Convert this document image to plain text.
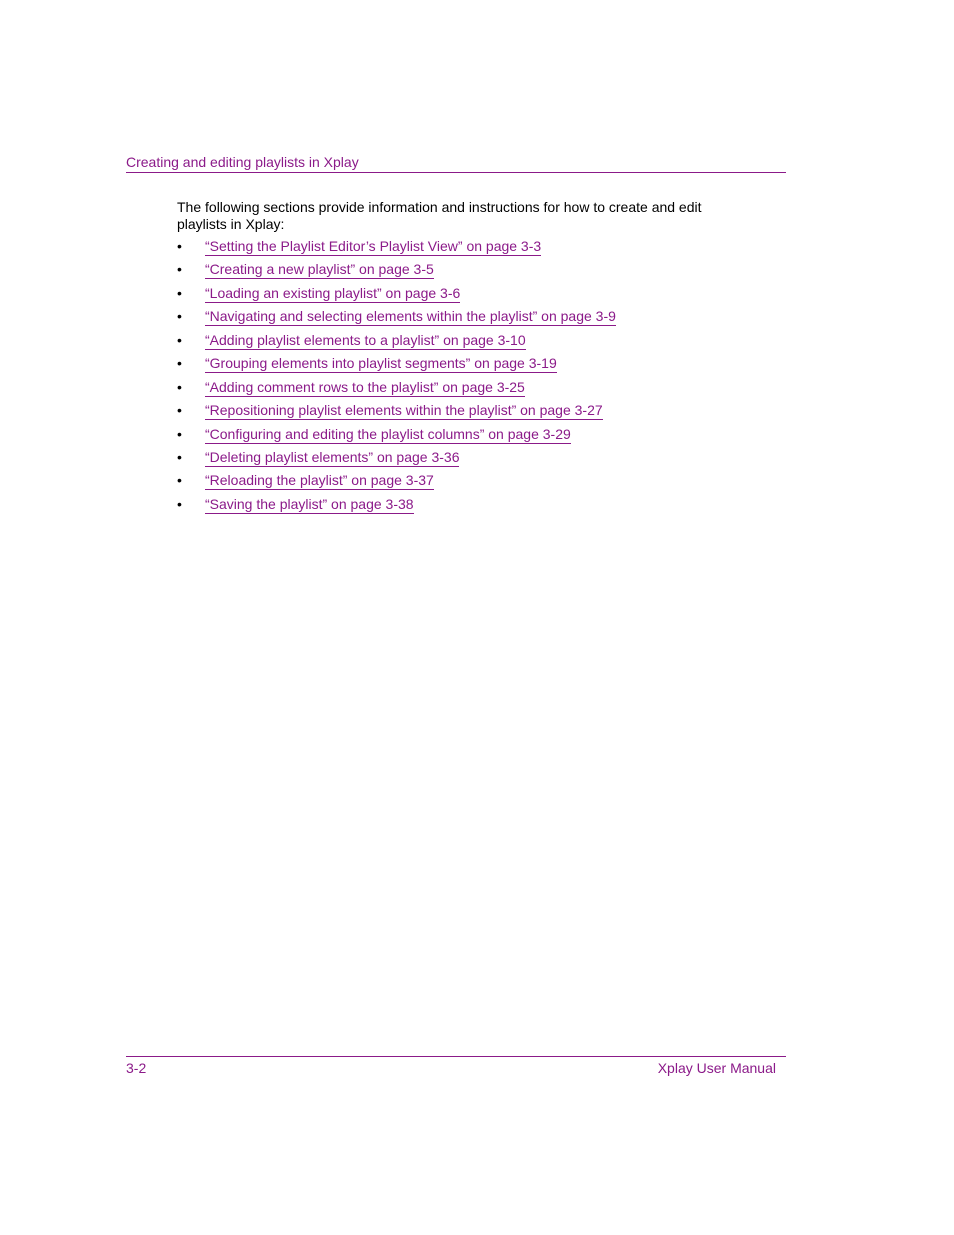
Creating and editing playlists in Xplay

The following sections provide information and instructions for how to create and edit playlists in Xplay:

• “Setting the Playlist Editor’s Playlist View” on page 3-3
• “Creating a new playlist” on page 3-5
• “Loading an existing playlist” on page 3-6
• “Navigating and selecting elements within the playlist” on page 3-9
• “Adding playlist elements to a playlist” on page 3-10
• “Grouping elements into playlist segments” on page 3-19
• “Adding comment rows to the playlist” on page 3-25
• “Repositioning playlist elements within the playlist” on page 3-27
• “Configuring and editing the playlist columns” on page 3-29
• “Deleting playlist elements” on page 3-36
• “Reloading the playlist” on page 3-37
• “Saving the playlist” on page 3-38
3-2	Xplay User Manual
